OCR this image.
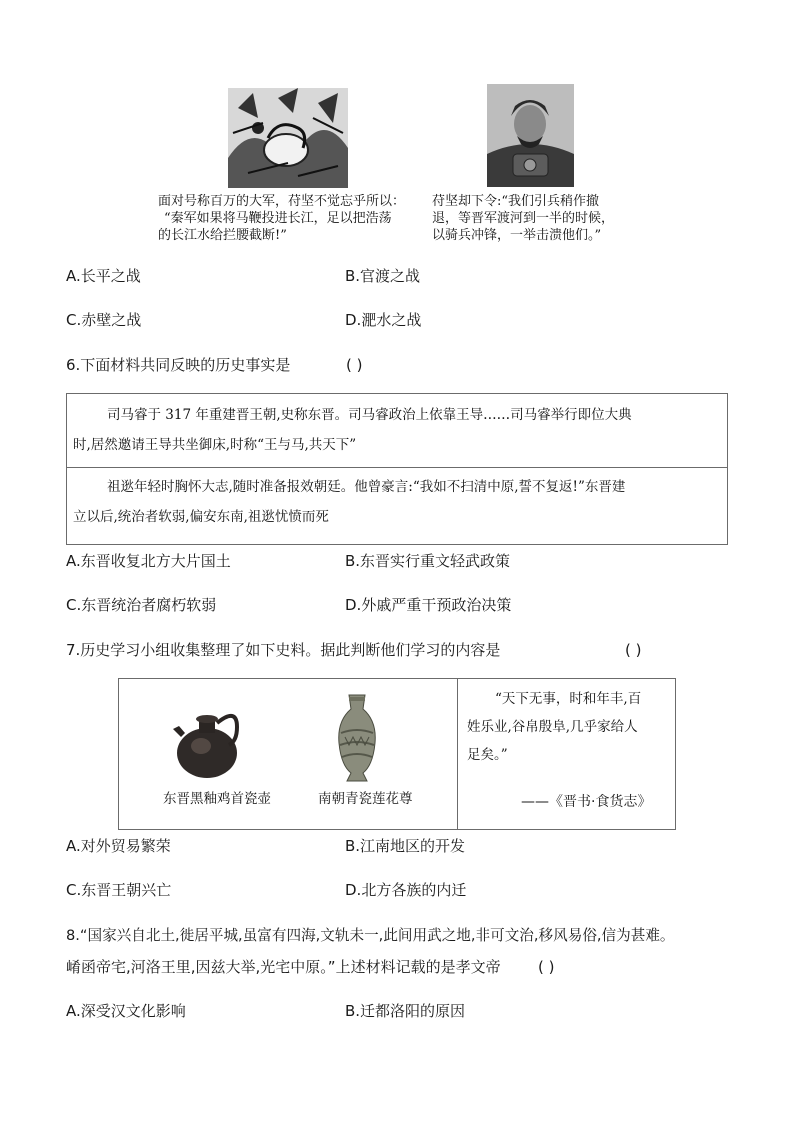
面对号称百万的大军，苻坚不觉忘乎所以：
“秦军如果将马鞭投进长江，足以把浩荡
的长江水给拦腰截断!”
苻坚却下令:“我们引兵稍作撤
退，等晋军渡河到一半的时候，
以骑兵冲锋，一举击溃他们。”
A.长平之战	B.官渡之战
C.赤壁之战	D.淝水之战
6.下面材料共同反映的历史事实是	( )
司马睿于 317 年重建晋王朝,史称东晋。司马睿政治上依靠王导……司马睿举行即位大典
时,居然邀请王导共坐御床,时称“王与马,共天下”
祖逖年轻时胸怀大志,随时准备报效朝廷。他曾豪言:“我如不扫清中原,誓不复返!”东晋建
立以后,统治者软弱,偏安东南,祖逖忧愤而死
A.东晋收复北方大片国土	B.东晋实行重文轻武政策
C.东晋统治者腐朽软弱	D.外戚严重干预政治决策
7.历史学习小组收集整理了如下史料。据此判断他们学习的内容是	( )
东晋黑釉鸡首瓷壶	南朝青瓷莲花尊
“天下无事，时和年丰,百
姓乐业,谷帛殷阜,几乎家给人
足矣。”
——《晋书·食货志》
A.对外贸易繁荣	B.江南地区的开发
C.东晋王朝兴亡	D.北方各族的内迁
8.“国家兴自北土,徙居平城,虽富有四海,文轨未一,此间用武之地,非可文治,移风易俗,信为甚难。
崤函帝宅,河洛王里,因兹大举,光宅中原。”上述材料记载的是孝文帝 ( )
A.深受汉文化影响	B.迁都洛阳的原因
